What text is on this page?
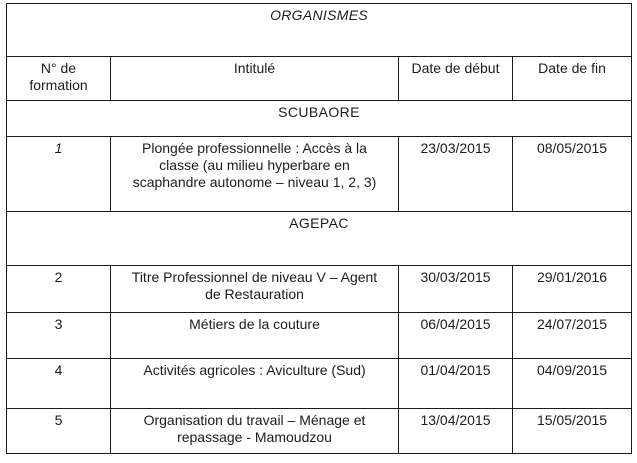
ORGANISMES			
N° de formation	Intitulé	Date de début	Date de fin
SCUBAORE			
1	Plongée professionnelle : Accès à la classe (au milieu hyperbare en scaphandre autonome – niveau 1, 2, 3)	23/03/2015	08/05/2015
AGEPAC			
2	Titre Professionnel de niveau V – Agent de Restauration	30/03/2015	29/01/2016
3	Métiers de la couture	06/04/2015	24/07/2015
4	Activités agricoles : Aviculture (Sud)	01/04/2015	04/09/2015
5	Organisation du travail – Ménage et repassage - Mamoudzou	13/04/2015	15/05/2015
